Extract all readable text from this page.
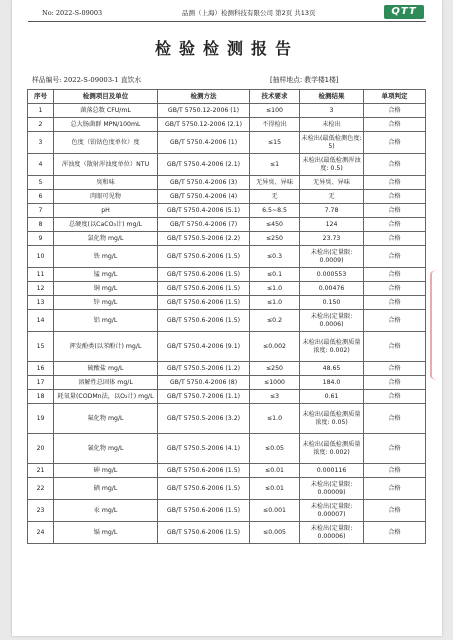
No: 2022-S-09003	品测（上海）检测科技有限公司 第2页 共13页	QTT
检验检测报告
样品编号: 2022-S-09003-1 直饮水	[抽样地点: 教学楼1楼]
序号	检测项目及单位	检测方法	技术要求	检测结果	单项判定
1	菌落总数 CFU/mL	GB/T 5750.12-2006 (1)	≤100	3	合格
2	总大肠菌群 MPN/100mL	GB/T 5750.12-2006 (2.1)	不得检出	未检出	合格
3	色度（铂钴色度单位）度	GB/T 5750.4-2006 (1)	≤15	未检出(最低检测色度: 5)	合格
4	浑浊度（散射浑浊度单位）NTU	GB/T 5750.4-2006 (2.1)	≤1	未检出(最低检测浑浊度: 0.5)	合格
5	臭和味	GB/T 5750.4-2006 (3)	无异臭、异味	无异臭、异味	合格
6	肉眼可见物	GB/T 5750.4-2006 (4)	无	无	合格
7	pH	GB/T 5750.4-2006 (5.1)	6.5~8.5	7.78	合格
8	总硬度(以CaCO₃计) mg/L	GB/T 5750.4-2006 (7)	≤450	124	合格
9	氯化物 mg/L	GB/T 5750.5-2006 (2.2)	≤250	23.73	合格
10	铁 mg/L	GB/T 5750.6-2006 (1.5)	≤0.3	未检出(定量限: 0.0009)	合格
11	锰 mg/L	GB/T 5750.6-2006 (1.5)	≤0.1	0.000553	合格
12	铜 mg/L	GB/T 5750.6-2006 (1.5)	≤1.0	0.00476	合格
13	锌 mg/L	GB/T 5750.6-2006 (1.5)	≤1.0	0.150	合格
14	铝 mg/L	GB/T 5750.6-2006 (1.5)	≤0.2	未检出(定量限: 0.0006)	合格
15	挥发酚类(以苯酚计) mg/L	GB/T 5750.4-2006 (9.1)	≤0.002	未检出(最低检测质量浓度: 0.002)	合格
16	硫酸盐 mg/L	GB/T 5750.5-2006 (1.2)	≤250	48.65	合格
17	溶解性总固体 mg/L	GB/T 5750.4-2006 (8)	≤1000	184.0	合格
18	耗氧量(CODMn法，以O₂计) mg/L	GB/T 5750.7-2006 (1.1)	≤3	0.61	合格
19	氟化物 mg/L	GB/T 5750.5-2006 (3.2)	≤1.0	未检出(最低检测质量浓度: 0.05)	合格
20	氰化物 mg/L	GB/T 5750.5-2006 (4.1)	≤0.05	未检出(最低检测质量浓度: 0.002)	合格
21	砷 mg/L	GB/T 5750.6-2006 (1.5)	≤0.01	0.000116	合格
22	硒 mg/L	GB/T 5750.6-2006 (1.5)	≤0.01	未检出(定量限: 0.00009)	合格
23	汞 mg/L	GB/T 5750.6-2006 (1.5)	≤0.001	未检出(定量限: 0.00007)	合格
24	镉 mg/L	GB/T 5750.6-2006 (1.5)	≤0.005	未检出(定量限: 0.00006)	合格
